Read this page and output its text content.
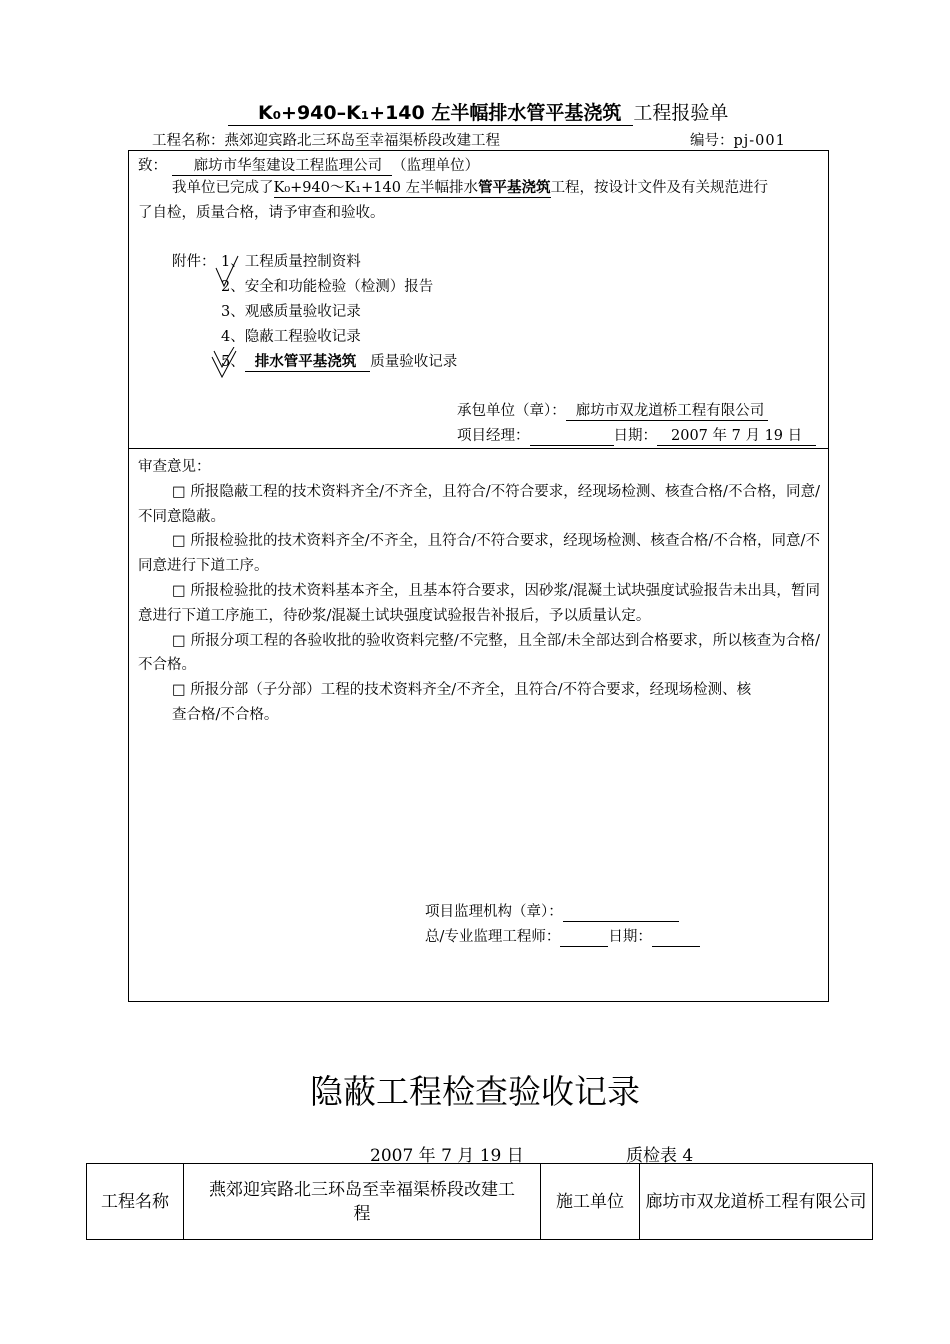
K₀+940–K₁+140 左半幅排水管平基浇筑 工程报验单
工程名称：燕郊迎宾路北三环岛至幸福渠桥段改建工程	编号：pj-001
致： 廊坊市华玺建设工程监理公司 （监理单位）
我单位已完成了K₀+940～K₁+140 左半幅排水管平基浇筑工程，按设计文件及有关规范进行
了自检，质量合格，请予审查和验收。
附件： 1、工程质量控制资料
2、安全和功能检验（检测）报告
3、观感质量验收记录
4、隐蔽工程验收记录
5、 排水管平基浇筑 质量验收记录
承包单位（章）： 廊坊市双龙道桥工程有限公司
项目经理：	日期： 2007 年 7 月 19 日

审查意见：

□ 所报隐蔽工程的技术资料齐全/不齐全，且符合/不符合要求，经现场检测、核查合格/不合格，同意/不同意隐蔽。

□ 所报检验批的技术资料齐全/不齐全，且符合/不符合要求，经现场检测、核查合格/不合格，同意/不同意进行下道工序。

□ 所报检验批的技术资料基本齐全，且基本符合要求，因砂浆/混凝土试块强度试验报告未出具，暂同意进行下道工序施工，待砂浆/混凝土试块强度试验报告补报后，予以质量认定。

□ 所报分项工程的各验收批的验收资料完整/不完整，且全部/未全部达到合格要求，所以核查为合格/不合格。

□ 所报分部（子分部）工程的技术资料齐全/不齐全，且符合/不符合要求，经现场检测、核
查合格/不合格。

项目监理机构（章）：
总/专业监理工程师：	日期：
隐蔽工程检查验收记录
2007 年 7 月 19 日	质检表 4
工程名称	燕郊迎宾路北三环岛至幸福渠桥段改建工程	施工单位	廊坊市双龙道桥工程有限公司
